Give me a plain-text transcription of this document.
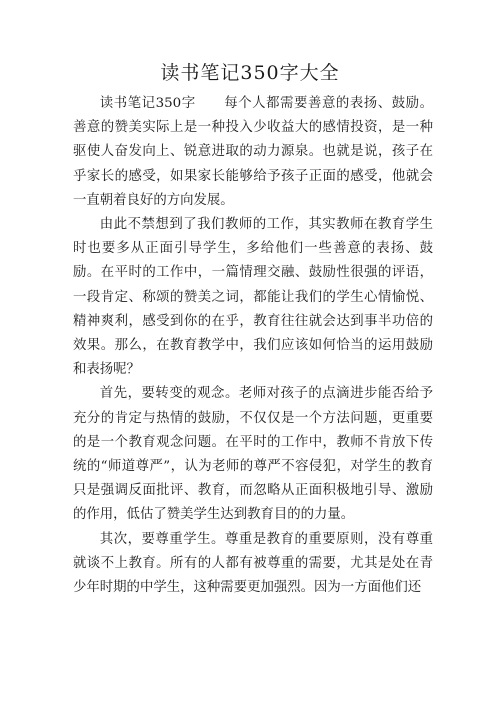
读书笔记350字大全

读书笔记350字 每个人都需要善意的表扬、鼓励。善意的赞美实际上是一种投入少收益大的感情投资，是一种驱使人奋发向上、锐意进取的动力源泉。也就是说，孩子在乎家长的感受，如果家长能够给予孩子正面的感受，他就会一直朝着良好的方向发展。

由此不禁想到了我们教师的工作，其实教师在教育学生时也要多从正面引导学生，多给他们一些善意的表扬、鼓励。在平时的工作中，一篇情理交融、鼓励性很强的评语，一段肯定、称颂的赞美之词，都能让我们的学生心情愉悦、精神爽利，感受到你的在乎，教育往往就会达到事半功倍的效果。那么，在教育教学中，我们应该如何恰当的运用鼓励和表扬呢？

首先，要转变的观念。老师对孩子的点滴进步能否给予充分的肯定与热情的鼓励，不仅仅是一个方法问题，更重要的是一个教育观念问题。在平时的工作中，教师不肯放下传统的“师道尊严”，认为老师的尊严不容侵犯，对学生的教育只是强调反面批评、教育，而忽略从正面积极地引导、激励的作用，低估了赞美学生达到教育目的的力量。

其次，要尊重学生。尊重是教育的重要原则，没有尊重就谈不上教育。所有的人都有被尊重的需要，尤其是处在青少年时期的中学生，这种需要更加强烈。因为一方面他们还
